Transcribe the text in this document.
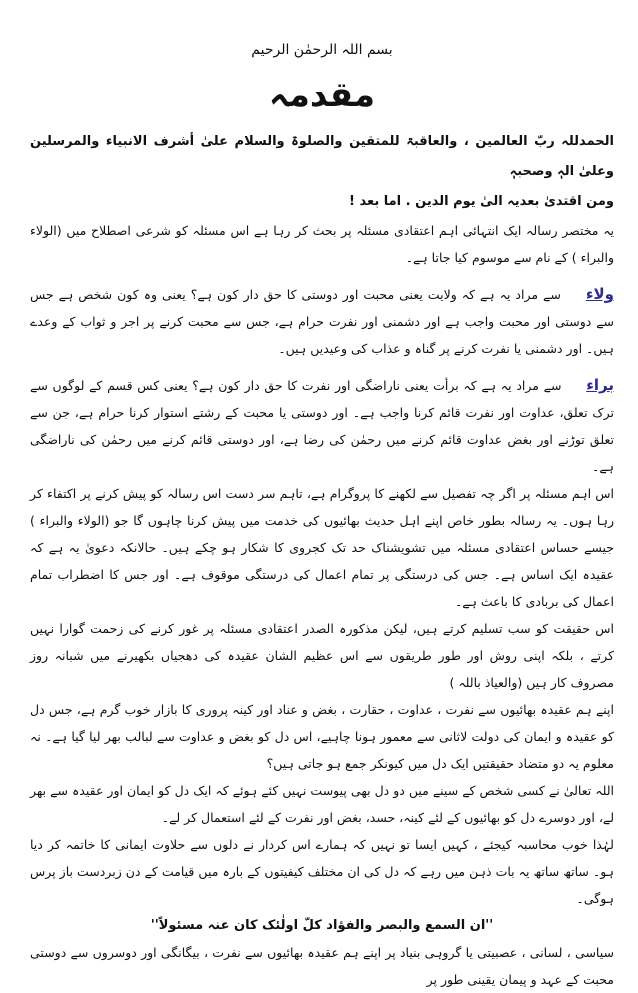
بسم اللہ الرحمٰن الرحیم
مقدمہ

الحمدللہ ربّ العالمین ، والعاقبۃ للمتقین والصلوۃ والسلام علیٰ أشرف الانبیاء والمرسلین وعلیٰ الہٖ وصحبہٖ

ومن اقتدیٰ بعدیہ الیٰ یوم الدین . اما بعد !

یہ مختصر رسالہ ایک انتہائی اہم اعتقادی مسئلہ پر بحث کر رہا ہے اس مسئلہ کو شرعی اصطلاح میں (الولاء والبراء ) کے نام سے موسوم کیا جاتا ہے۔

ولاء سے مراد یہ ہے کہ ولایت یعنی محبت اور دوستی کا حق دار کون ہے؟ یعنی وہ کون شخص ہے جس سے دوستی اور محبت واجب ہے اور دشمنی اور نفرت حرام ہے، جس سے محبت کرنے پر اجر و ثواب کے وعدے ہیں۔ اور دشمنی یا نفرت کرنے پر گناہ و عذاب کی وعیدیں ہیں۔

براء سے مراد یہ ہے کہ برأت یعنی ناراضگی اور نفرت کا حق دار کون ہے؟ یعنی کس قسم کے لوگوں سے ترک تعلق، عداوت اور نفرت قائم کرنا واجب ہے۔ اور دوستی یا محبت کے رشتے استوار کرنا حرام ہے، جن سے تعلق توڑنے اور بغض عداوت قائم کرنے میں رحمٰن کی رضا ہے، اور دوستی قائم کرنے میں رحمٰن کی ناراضگی ہے۔

اس اہم مسئلہ پر اگر چہ تفصیل سے لکھنے کا پروگرام ہے، تاہم سر دست اس رسالہ کو پیش کرنے پر اکتفاء کر رہا ہوں۔ یہ رسالہ بطور خاص اپنے اہل حدیث بھائیوں کی خدمت میں پیش کرنا چاہوں گا جو (الولاء والبراء ) جیسے حساس اعتقادی مسئلہ میں تشویشناک حد تک کجروی کا شکار ہو چکے ہیں۔ حالانکہ دعویٰ یہ ہے کہ عقیدہ ایک اساس ہے۔ جس کی درستگی پر تمام اعمال کی درستگی موقوف ہے۔ اور جس کا اضطراب تمام اعمال کی بربادی کا باعث ہے۔

اس حقیقت کو سب تسلیم کرتے ہیں، لیکن مذکورہ الصدر اعتقادی مسئلہ پر غور کرنے کی زحمت گوارا نہیں کرتے ، بلکہ اپنی روش اور طور طریقوں سے اس عظیم الشان عقیدہ کی دھجیاں بکھیرنے میں شبانہ روز مصروف کار ہیں (والعیاذ باللہ )

اپنے ہم عقیدہ بھائیوں سے نفرت ، عداوت ، حقارت ، بغض و عناد اور کینہ پروری کا بازار خوب گرم ہے، جس دل کو عقیدہ و ایمان کی دولت لاثانی سے معمور ہونا چاہیے، اس دل کو بغض و عداوت سے لبالب بھر لیا گیا ہے۔ نہ معلوم یہ دو متضاد حقیقتیں ایک دل میں کیونکر جمع ہو جاتی ہیں؟

اللہ تعالیٰ نے کسی شخص کے سینے میں دو دل بھی پیوست نہیں کئے ہوئے کہ ایک دل کو ایمان اور عقیدہ سے بھر لے، اور دوسرے دل کو بھائیوں کے لئے کینہ، حسد، بغض اور نفرت کے لئے استعمال کر لے۔

لہٰذا خوب محاسبہ کیجئے ، کہیں ایسا تو نہیں کہ ہمارے اس کردار نے دلوں سے حلاوت ایمانی کا خاتمہ کر دیا ہو۔ ساتھ ساتھ یہ بات ذہن میں رہے کہ دل کی ان مختلف کیفیتوں کے بارہ میں قیامت کے دن زبردست باز پرس ہوگی۔

''ان السمع والبصر والفؤاد کلّ اولٰئک کان عنہ مسئولاً''

سیاسی ، لسانی ، عصبیتی یا گروہی بنیاد پر اپنے ہم عقیدہ بھائیوں سے نفرت ، بیگانگی اور دوسروں سے دوستی محبت کے عہد و پیمان یقینی طور پر
